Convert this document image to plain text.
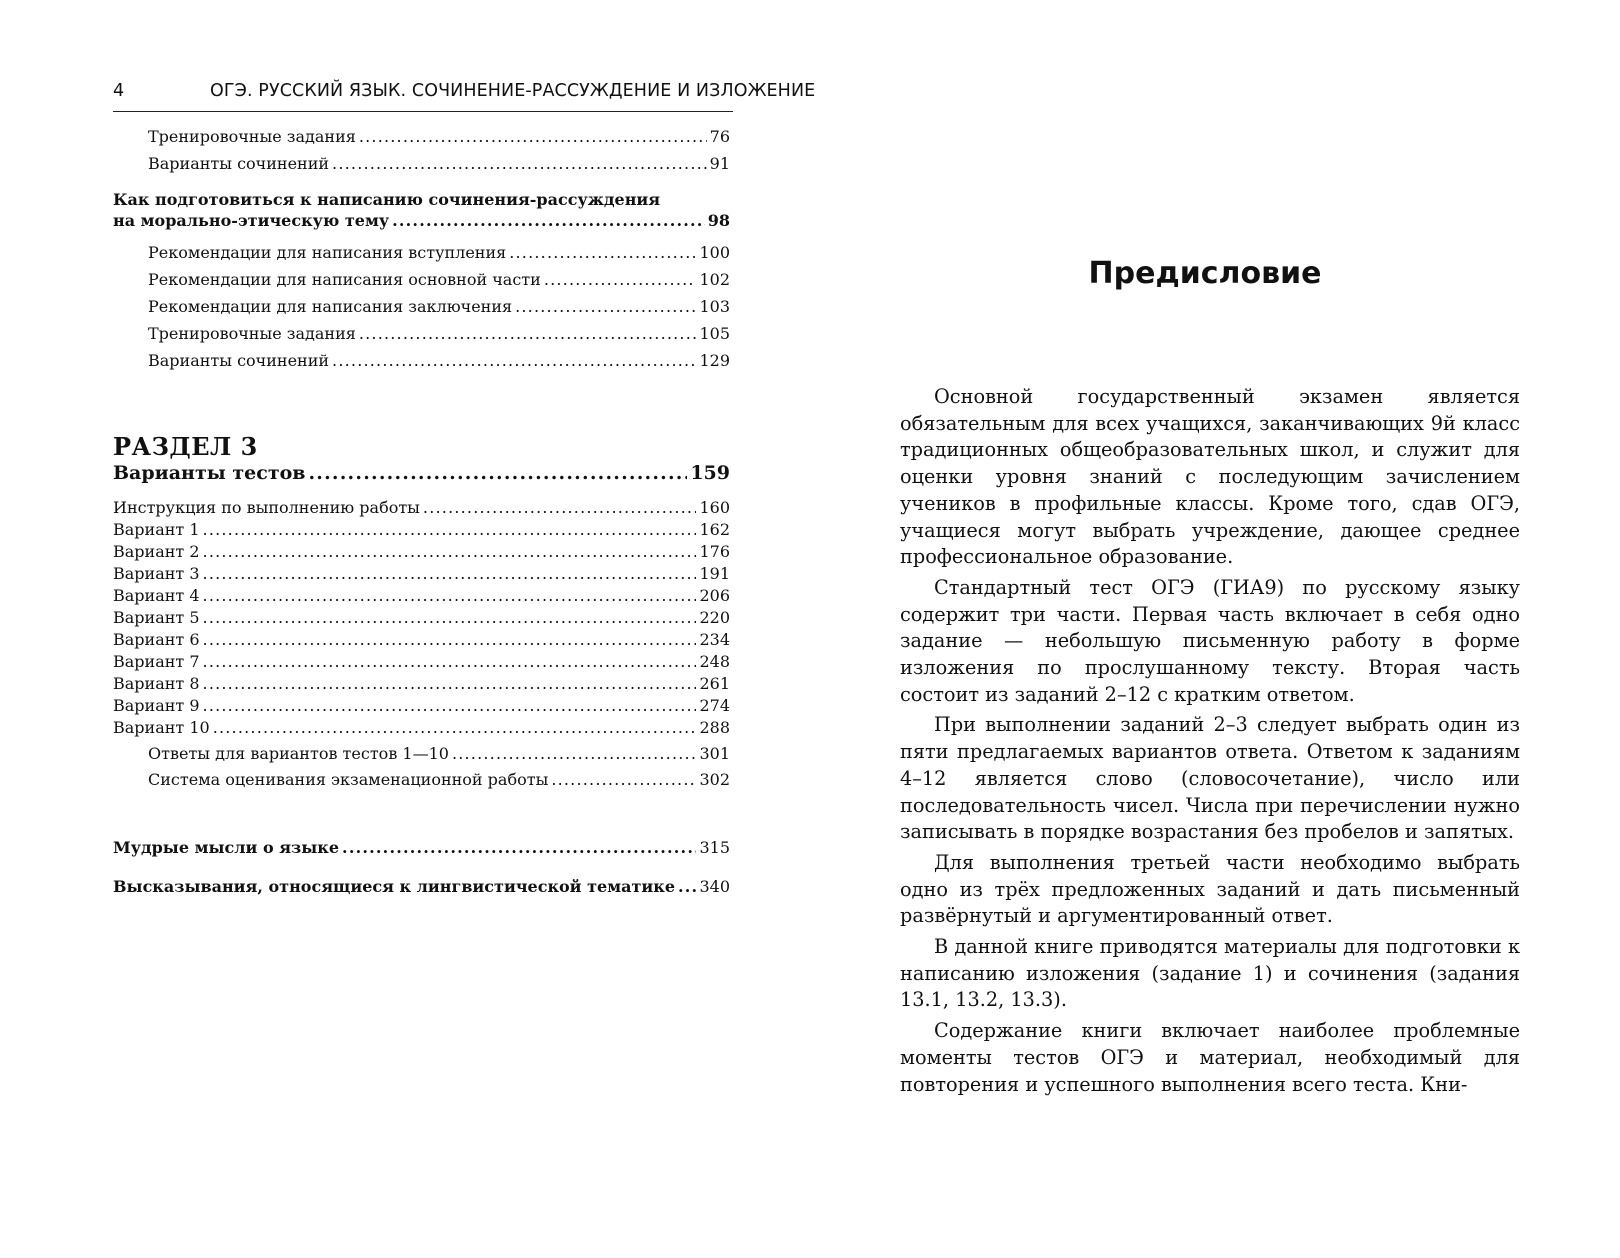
4	ОГЭ. РУССКИЙ ЯЗЫК. СОЧИНЕНИЕ-РАССУЖДЕНИЕ И ИЗЛОЖЕНИЕ
Тренировочные задания .....	76
Варианты сочинений .....	91
Как подготовиться к написанию сочинения-рассуждения
на морально-этическую тему .....	98
Рекомендации для написания вступления .....	100
Рекомендации для написания основной части .....	102
Рекомендации для написания заключения .....	103
Тренировочные задания .....	105
Варианты сочинений .....	129
РАЗДЕЛ 3
Варианты тестов .....	159
Инструкция по выполнению работы .....	160
Вариант 1 .....	162
Вариант 2 .....	176
Вариант 3 .....	191
Вариант 4 .....	206
Вариант 5 .....	220
Вариант 6 .....	234
Вариант 7 .....	248
Вариант 8 .....	261
Вариант 9 .....	274
Вариант 10 .....	288
Ответы для вариантов тестов 1—10 .....	301
Система оценивания экзаменационной работы .....	302
Мудрые мысли о языке .....	315
Высказывания, относящиеся к лингвистической тематике ..... 340
Предисловие

Основной государственный экзамен является обязательным для всех учащихся, заканчивающих 9й класс традиционных общеобразовательных школ, и служит для оценки уровня знаний с последующим зачислением учеников в профильные классы. Кроме того, сдав ОГЭ, учащиеся могут выбрать учреждение, дающее среднее профессиональное образование.

Стандартный тест ОГЭ (ГИА9) по русскому языку содержит три части. Первая часть включает в себя одно задание — небольшую письменную работу в форме изложения по прослушанному тексту. Вторая часть состоит из заданий 2–12 с кратким ответом.

При выполнении заданий 2–3 следует выбрать один из пяти предлагаемых вариантов ответа. Ответом к заданиям 4–12 является слово (словосочетание), число или последовательность чисел. Числа при перечислении нужно записывать в порядке возрастания без пробелов и запятых.

Для выполнения третьей части необходимо выбрать одно из трёх предложенных заданий и дать письменный развёрнутый и аргументированный ответ.

В данной книге приводятся материалы для подготовки к написанию изложения (задание 1) и сочинения (задания 13.1, 13.2, 13.3).

Содержание книги включает наиболее проблемные моменты тестов ОГЭ и материал, необходимый для повторения и успешного выполнения всего теста. Кни-
